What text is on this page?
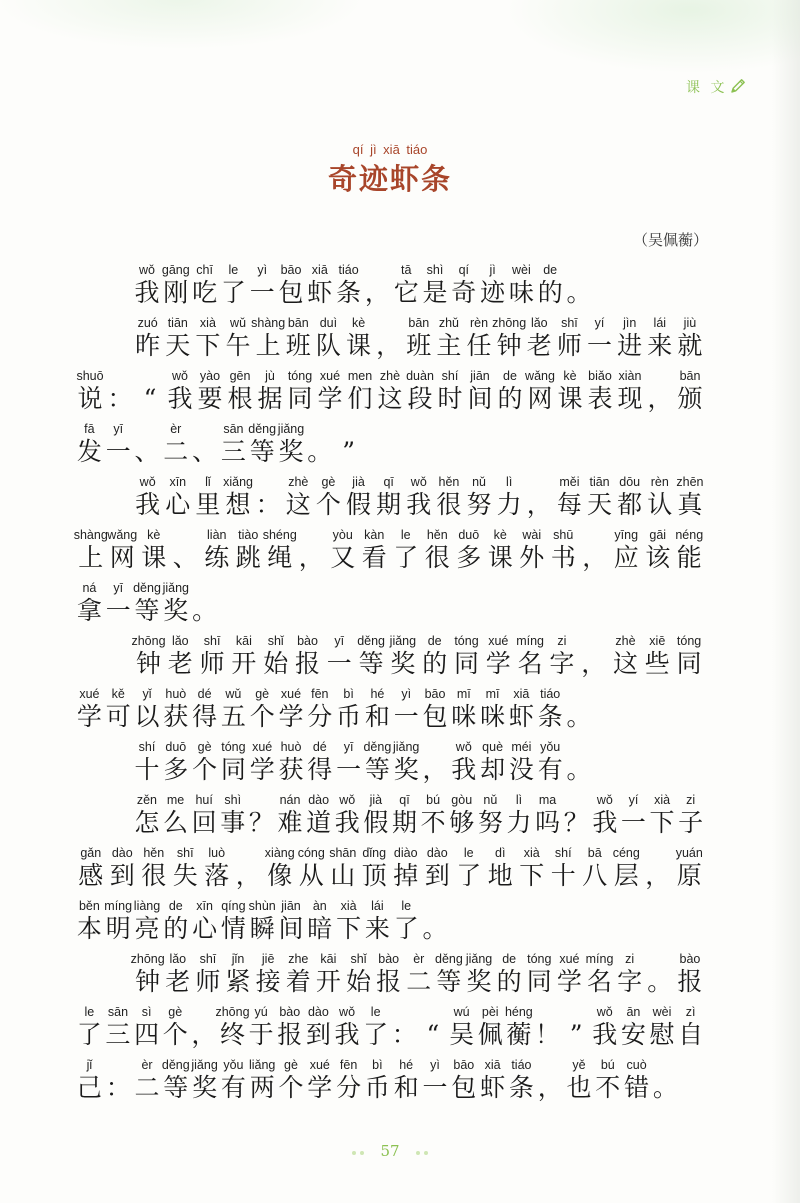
课 文
qí jì xiā tiáo
奇迹虾条
（吴佩蘅）
wǒ gāng chī le yì bāo xiā tiáo	tā shì qí jì wèi de
我 刚 吃 了 一 包 虾 条 ， 它 是 奇 迹 味 的 。
zuó tiān xià wǔ shàng bān duì kè	bān zhǔ rèn zhōng lǎo shī yí jìn lái jiù
昨 天 下 午 上 班 队 课 ， 班 主 任 钟 老 师 一 进 来 就
shuō	wǒ yào gēn jù tóng xué men zhè duàn shí jiān de wǎng kè biǎo xiàn	bān
说 ： “ 我 要 根 据 同 学 们 这 段 时 间 的 网 课 表 现 ， 颁
fā yī	èr	sān děng jiǎng
发 一 、 二 、 三 等 奖 。 ”
wǒ xīn lǐ xiǎng	zhè gè jià qī wǒ hěn nǔ lì	měi tiān dōu rèn zhēn
我 心 里 想 ： 这 个 假 期 我 很 努 力 ， 每 天 都 认 真
shàng wǎng kè	liàn tiào shéng	yòu kàn le hěn duō kè wài shū	yīng gāi néng
上 网 课 、 练 跳 绳 ， 又 看 了 很 多 课 外 书 ， 应 该 能
ná yī děng jiǎng
拿 一 等 奖 。
zhōng lǎo shī kāi shǐ bào yī děng jiǎng de tóng xué míng zi	zhè xiē tóng
钟 老 师 开 始 报 一 等 奖 的 同 学 名 字 ， 这 些 同
xué kě yǐ huò dé wǔ gè xué fēn bì hé yì bāo mī mī xiā tiáo
学 可 以 获 得 五 个 学 分 币 和 一 包 咪 咪 虾 条 。
shí duō gè tóng xué huò dé yī děng jiǎng	wǒ què méi yǒu
十 多 个 同 学 获 得 一 等 奖 ， 我 却 没 有 。
zěn me huí shì	nán dào wǒ jià qī bú gòu nǔ lì ma	wǒ yí xià zi
怎 么 回 事 ？ 难 道 我 假 期 不 够 努 力 吗 ？ 我 一 下 子
gǎn dào hěn shī luò	xiàng cóng shān dǐng diào dào le dì xià shí bā céng	yuán
感 到 很 失 落 ， 像 从 山 顶 掉 到 了 地 下 十 八 层 ， 原
běn míng liàng de xīn qíng shùn jiān àn xià lái le
本 明 亮 的 心 情 瞬 间 暗 下 来 了 。
zhōng lǎo shī jǐn jiē zhe kāi shǐ bào èr děng jiǎng de tóng xué míng zi	bào
钟 老 师 紧 接 着 开 始 报 二 等 奖 的 同 学 名 字 。 报
le sān sì gè	zhōng yú bào dào wǒ le	wú pèi héng	wǒ ān wèi zì
了 三 四 个 ， 终 于 报 到 我 了 ： “ 吴 佩 蘅 ！ ” 我 安 慰 自
jǐ	èr děng jiǎng yǒu liǎng gè xué fēn bì hé yì bāo xiā tiáo	yě bú cuò
己 ： 二 等 奖 有 两 个 学 分 币 和 一 包 虾 条 ， 也 不 错 。
57
